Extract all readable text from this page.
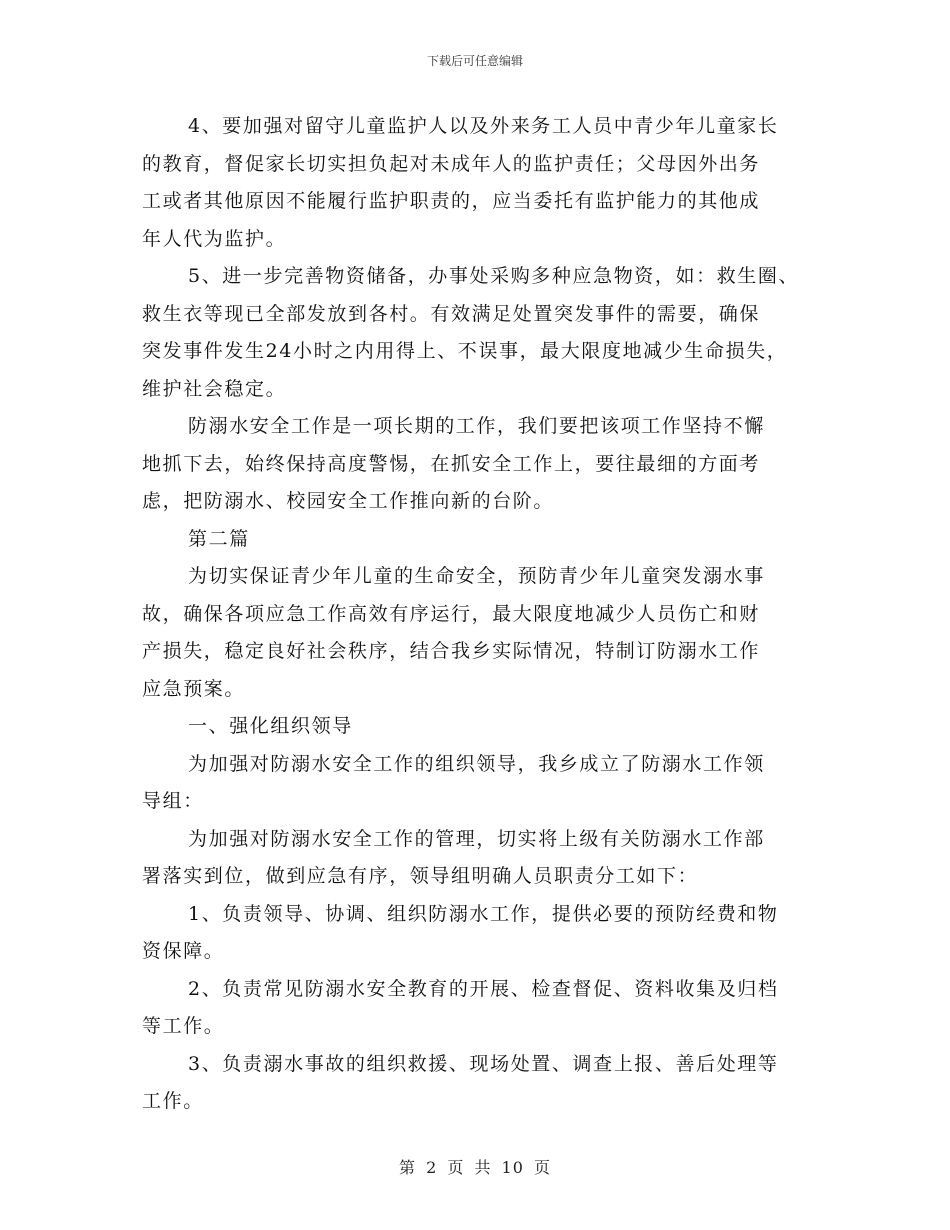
下载后可任意编辑
4、要加强对留守儿童监护人以及外来务工人员中青少年儿童家长
的教育，督促家长切实担负起对未成年人的监护责任；父母因外出务
工或者其他原因不能履行监护职责的，应当委托有监护能力的其他成
年人代为监护。
5、进一步完善物资储备，办事处采购多种应急物资，如：救生圈、
救生衣等现已全部发放到各村。有效满足处置突发事件的需要，确保
突发事件发生24小时之内用得上、不误事，最大限度地减少生命损失，
维护社会稳定。
防溺水安全工作是一项长期的工作，我们要把该项工作坚持不懈
地抓下去，始终保持高度警惕，在抓安全工作上，要往最细的方面考
虑，把防溺水、校园安全工作推向新的台阶。
第二篇
为切实保证青少年儿童的生命安全，预防青少年儿童突发溺水事
故，确保各项应急工作高效有序运行，最大限度地减少人员伤亡和财
产损失，稳定良好社会秩序，结合我乡实际情况，特制订防溺水工作
应急预案。
一、强化组织领导
为加强对防溺水安全工作的组织领导，我乡成立了防溺水工作领
导组：
为加强对防溺水安全工作的管理，切实将上级有关防溺水工作部
署落实到位，做到应急有序，领导组明确人员职责分工如下：
1、负责领导、协调、组织防溺水工作，提供必要的预防经费和物
资保障。
2、负责常见防溺水安全教育的开展、检查督促、资料收集及归档
等工作。
3、负责溺水事故的组织救援、现场处置、调查上报、善后处理等
工作。
第 2 页 共 10 页
